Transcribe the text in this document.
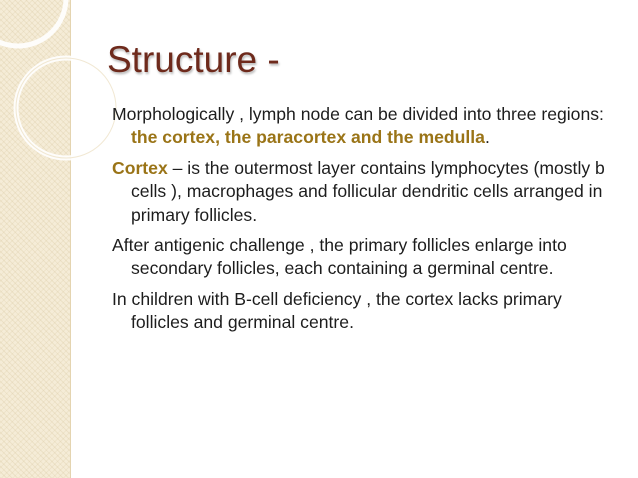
Structure -

Morphologically , lymph node can be divided into three regions: the cortex, the paracortex and the medulla.

Cortex – is the outermost layer contains lymphocytes (mostly b cells ), macrophages and follicular dendritic cells arranged in primary follicles.

After antigenic challenge , the primary follicles enlarge into secondary follicles, each containing a germinal centre.

In children with B-cell deficiency , the cortex lacks primary follicles and germinal centre.
